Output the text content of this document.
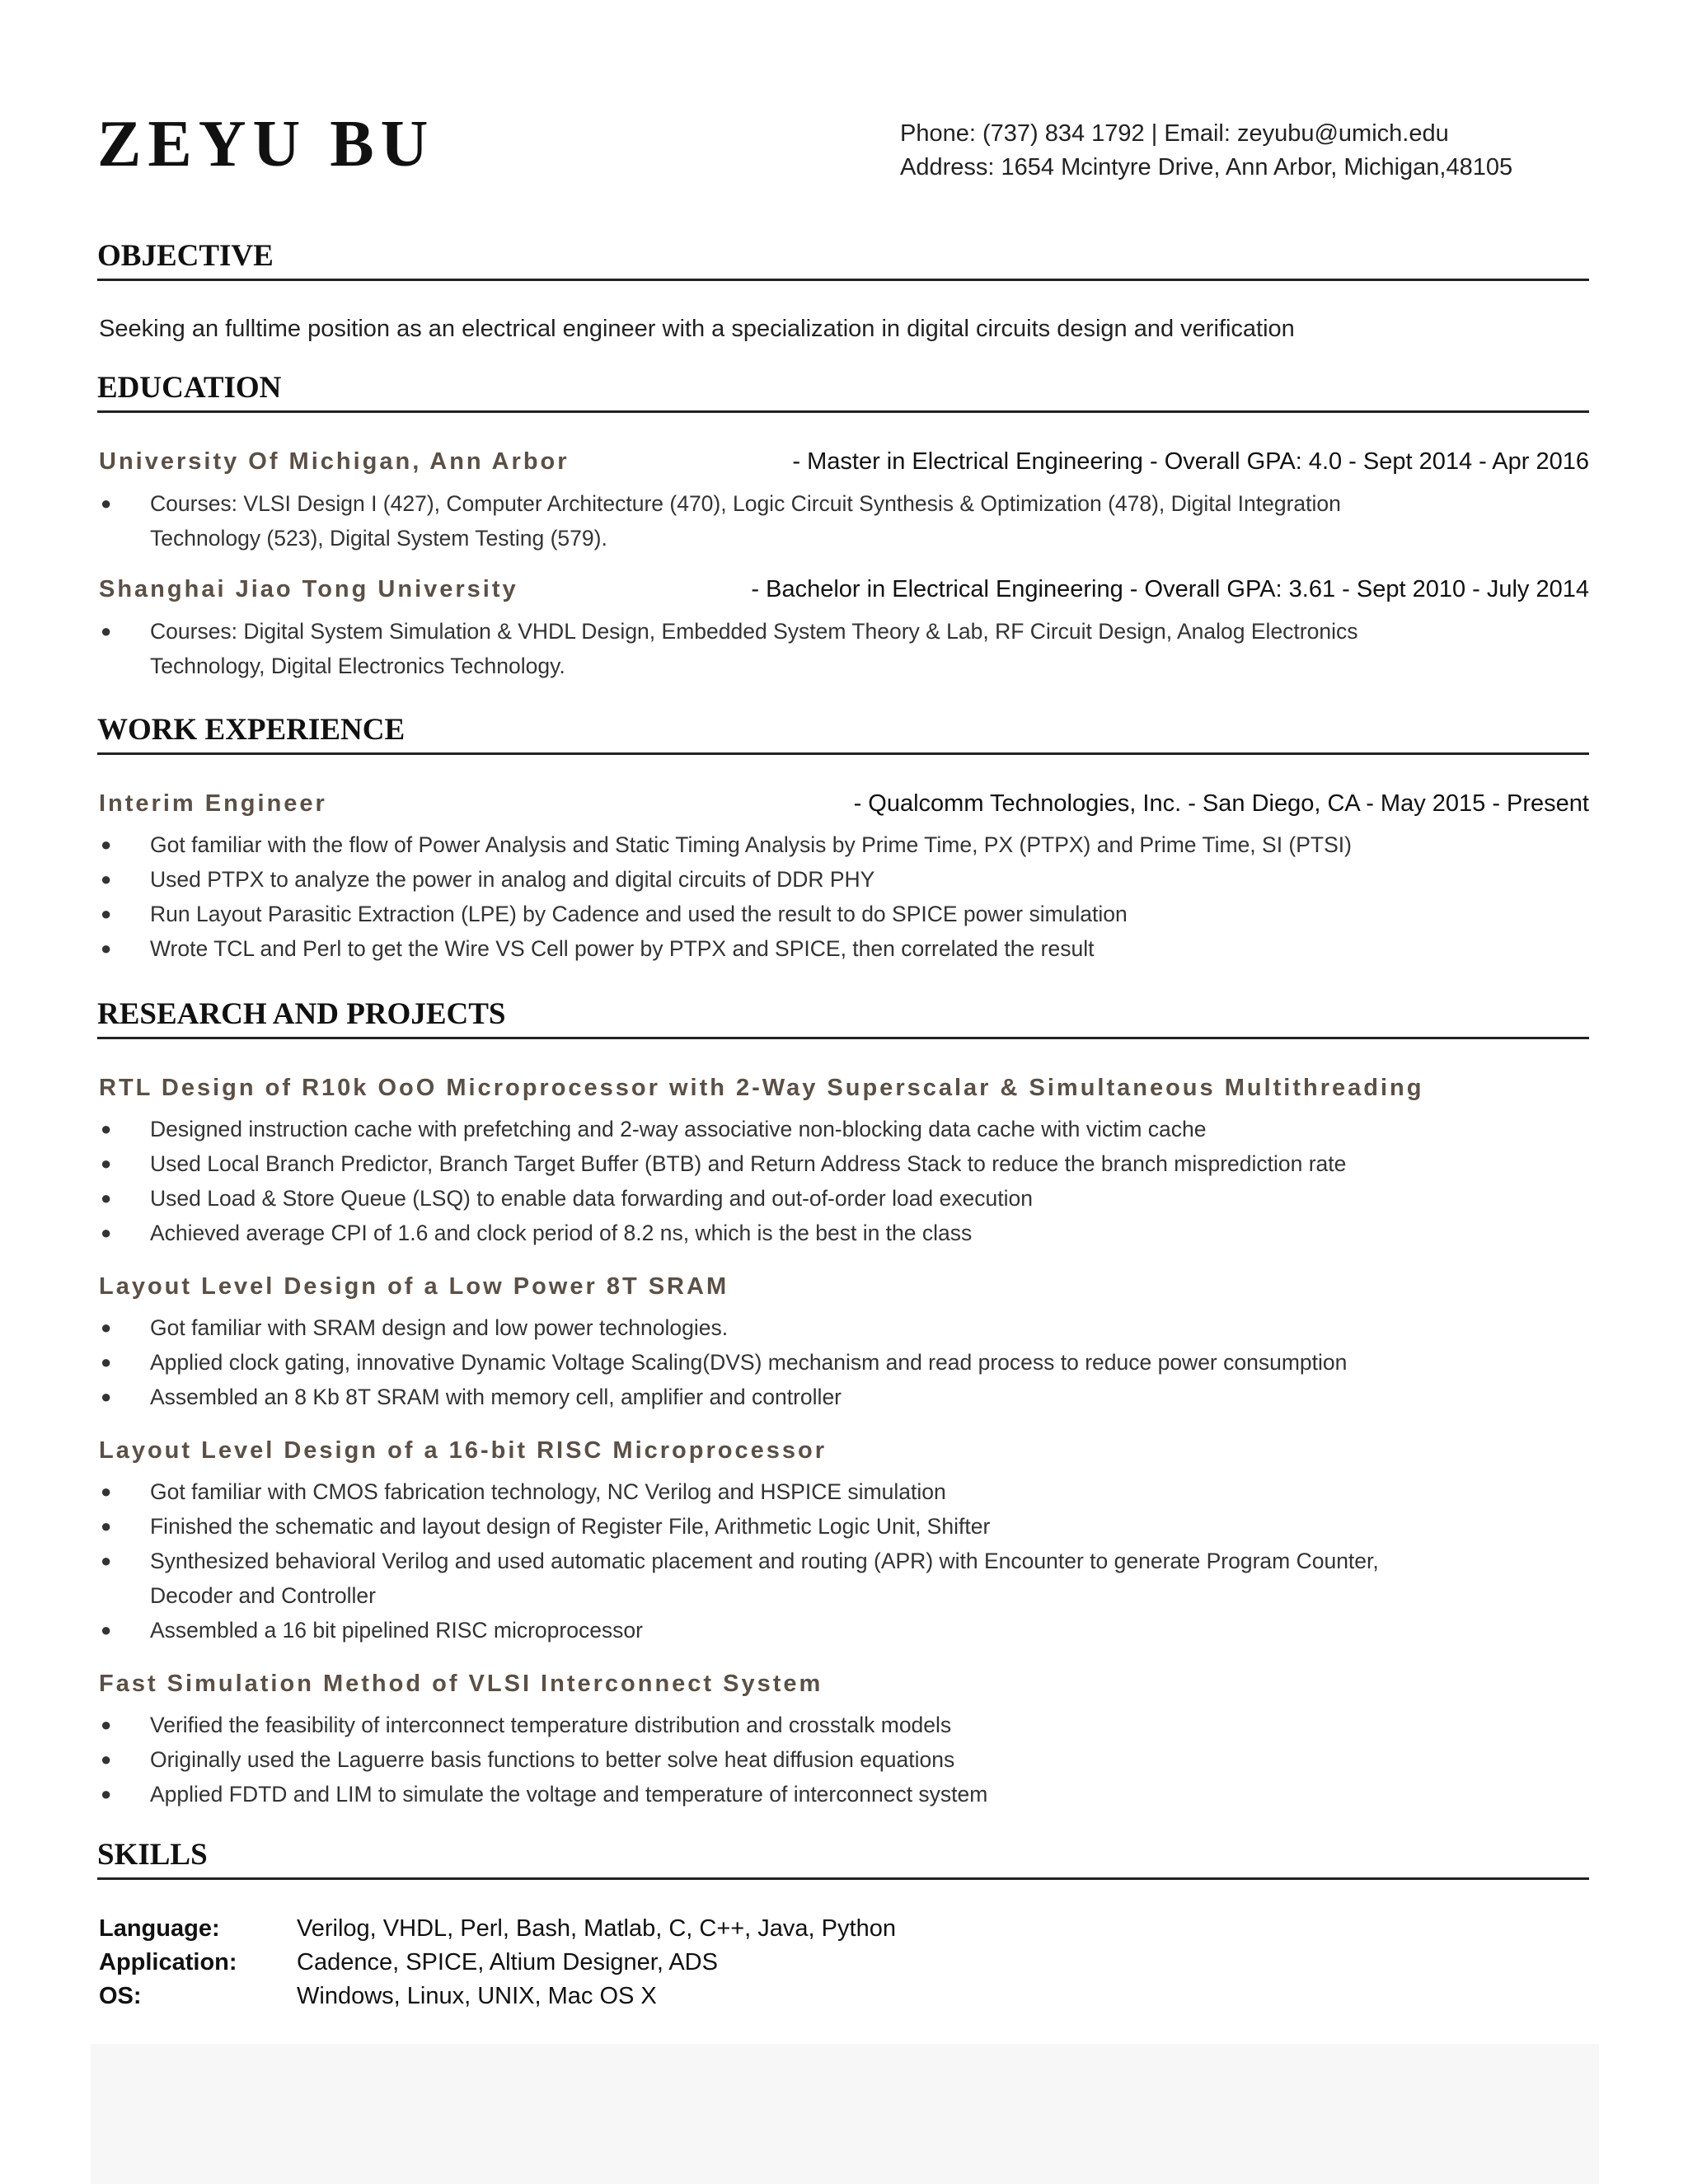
ZEYU BU	Phone: (737) 834 1792 | Email: zeyubu@umich.edu
Address: 1654 Mcintyre Drive, Ann Arbor, Michigan,48105
OBJECTIVE
Seeking an fulltime position as an electrical engineer with a specialization in digital circuits design and verification
EDUCATION
University Of Michigan, Ann Arbor	- Master in Electrical Engineering - Overall GPA: 4.0 - Sept 2014 - Apr 2016
● Courses: VLSI Design I (427), Computer Architecture (470), Logic Circuit Synthesis & Optimization (478), Digital Integration Technology (523), Digital System Testing (579).
Shanghai Jiao Tong University	- Bachelor in Electrical Engineering - Overall GPA: 3.61 - Sept 2010 - July 2014
● Courses: Digital System Simulation & VHDL Design, Embedded System Theory & Lab, RF Circuit Design, Analog Electronics Technology, Digital Electronics Technology.
WORK EXPERIENCE
Interim Engineer	- Qualcomm Technologies, Inc. - San Diego, CA - May 2015 - Present
● Got familiar with the flow of Power Analysis and Static Timing Analysis by Prime Time, PX (PTPX) and Prime Time, SI (PTSI)
● Used PTPX to analyze the power in analog and digital circuits of DDR PHY
● Run Layout Parasitic Extraction (LPE) by Cadence and used the result to do SPICE power simulation
● Wrote TCL and Perl to get the Wire VS Cell power by PTPX and SPICE, then correlated the result
RESEARCH AND PROJECTS
RTL Design of R10k OoO Microprocessor with 2-Way Superscalar & Simultaneous Multithreading
● Designed instruction cache with prefetching and 2-way associative non-blocking data cache with victim cache
● Used Local Branch Predictor, Branch Target Buffer (BTB) and Return Address Stack to reduce the branch misprediction rate
● Used Load & Store Queue (LSQ) to enable data forwarding and out-of-order load execution
● Achieved average CPI of 1.6 and clock period of 8.2 ns, which is the best in the class
Layout Level Design of a Low Power 8T SRAM
● Got familiar with SRAM design and low power technologies.
● Applied clock gating, innovative Dynamic Voltage Scaling(DVS) mechanism and read process to reduce power consumption
● Assembled an 8 Kb 8T SRAM with memory cell, amplifier and controller
Layout Level Design of a 16-bit RISC Microprocessor
● Got familiar with CMOS fabrication technology, NC Verilog and HSPICE simulation
● Finished the schematic and layout design of Register File, Arithmetic Logic Unit, Shifter
● Synthesized behavioral Verilog and used automatic placement and routing (APR) with Encounter to generate Program Counter, Decoder and Controller
● Assembled a 16 bit pipelined RISC microprocessor
Fast Simulation Method of VLSI Interconnect System
● Verified the feasibility of interconnect temperature distribution and crosstalk models
● Originally used the Laguerre basis functions to better solve heat diffusion equations
● Applied FDTD and LIM to simulate the voltage and temperature of interconnect system
SKILLS
Language:	Verilog, VHDL, Perl, Bash, Matlab, C, C++, Java, Python
Application:	Cadence, SPICE, Altium Designer, ADS
OS:	Windows, Linux, UNIX, Mac OS X
